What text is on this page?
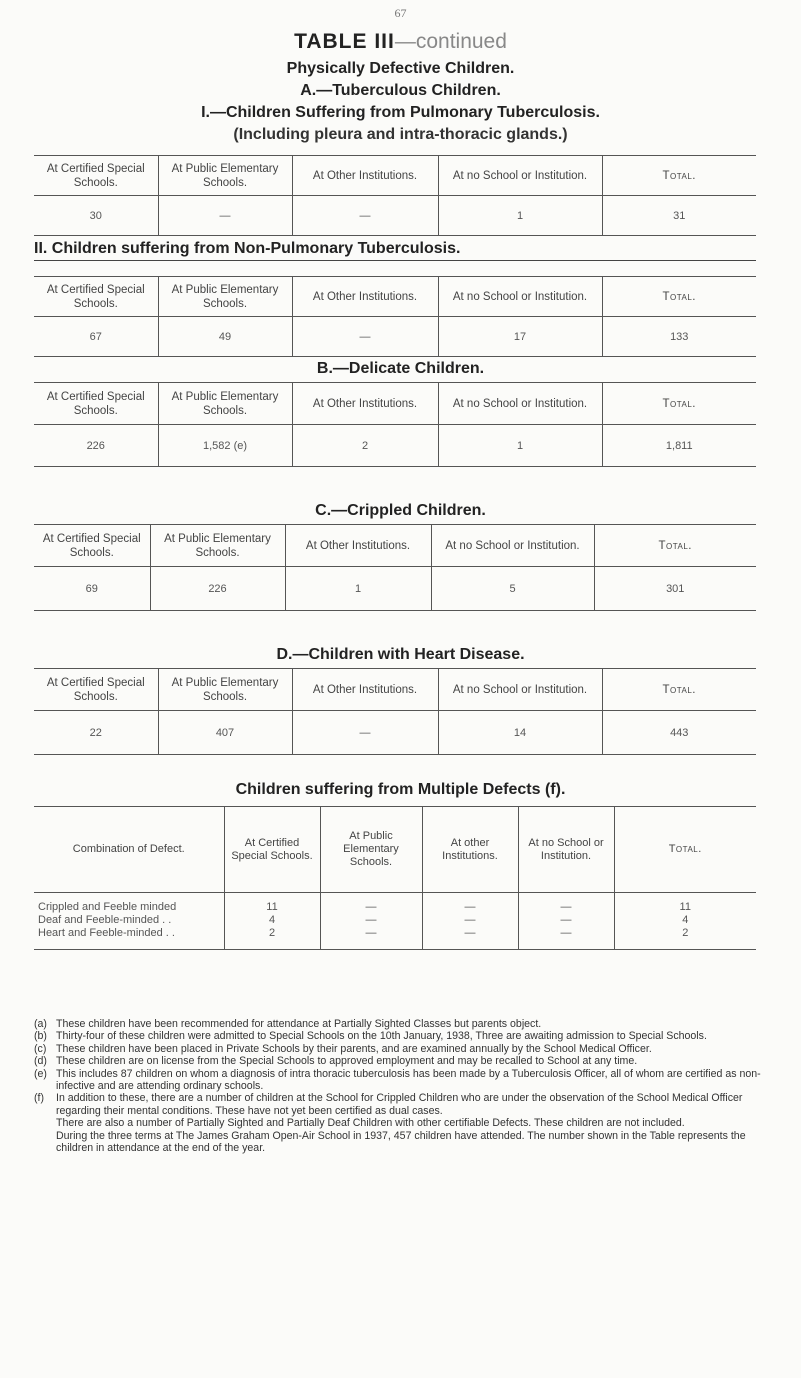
67
TABLE III—continued
Physically Defective Children.
A.—Tuberculous Children.
I.—Children Suffering from Pulmonary Tuberculosis.
(Including pleura and intra-thoracic glands.)
At Certified Special Schools.	At Public Elementary Schools.	At Other Institutions.	At no School or Institution.	Total.
30	—	—	1	31
II. Children suffering from Non-Pulmonary Tuberculosis.
At Certified Special Schools.	At Public Elementary Schools.	At Other Institutions.	At no School or Institution.	Total.
67	49	—	17	133
B.—Delicate Children.
At Certified Special Schools.	At Public Elementary Schools.	At Other Institutions.	At no School or Institution.	Total.
226	1,582 (e)	2	1	1,811
C.—Crippled Children.
At Certified Special Schools.	At Public Elementary Schools.	At Other Institutions.	At no School or Institution.	Total.
69	226	1	5	301
D.—Children with Heart Disease.
At Certified Special Schools.	At Public Elementary Schools.	At Other Institutions.	At no School or Institution.	Total.
22	407	—	14	443
Children suffering from Multiple Defects (f).
Combination of Defect.	At Certified Special Schools.	At Public Elementary Schools.	At other Institutions.	At no School or Institution.	Total.
Crippled and Feeble minded	11	—	—	—	11
Deaf and Feeble-minded . .	4	—	—	—	4
Heart and Feeble-minded . .	2	—	—	—	2
(a) These children have been recommended for attendance at Partially Sighted Classes but parents object.
(b) Thirty-four of these children were admitted to Special Schools on the 10th January, 1938, Three are awaiting admission to Special Schools.
(c) These children have been placed in Private Schools by their parents, and are examined annually by the School Medical Officer.
(d) These children are on license from the Special Schools to approved employment and may be recalled to School at any time.
(e) This includes 87 children on whom a diagnosis of intra thoracic tuberculosis has been made by a Tuberculosis Officer, all of whom are certified as non-infective and are attending ordinary schools.
(f)	In addition to these, there are a number of children at the School for Crippled Children who are under the observation of the School Medical Officer regarding their mental conditions. These have not yet been certified as dual cases.
There are also a number of Partially Sighted and Partially Deaf Children with other certifiable Defects. These children are not included.
During the three terms at The James Graham Open-Air School in 1937, 457 children have attended. The number shown in the Table represents the children in attendance at the end of the year.
